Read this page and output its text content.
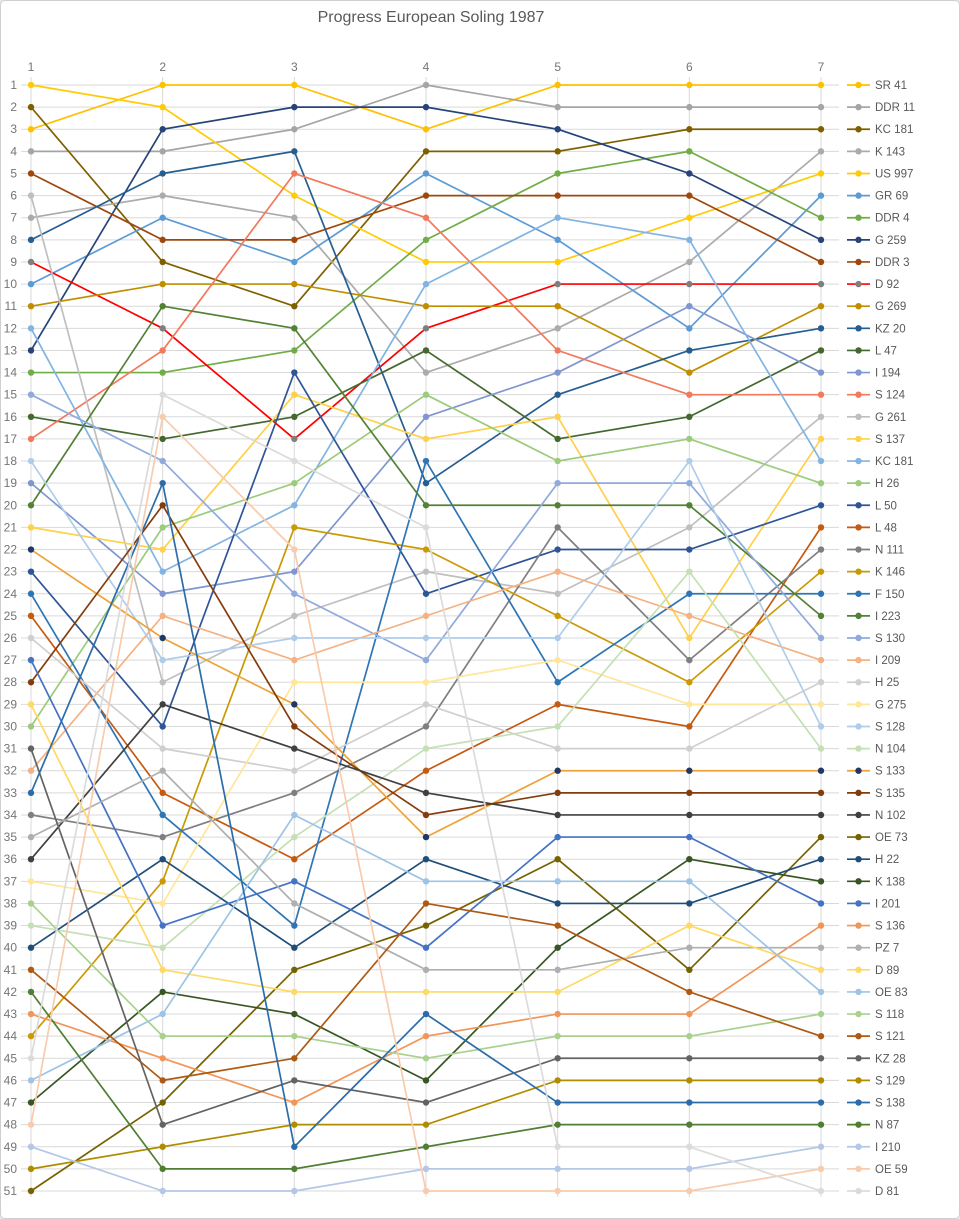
Progress European Soling 1987
1	2	3	4	5	6	7
1
2
3
4
5
6
7
8
9
10
11
12
13
14
15
16
17
18
19
20
21
22
23
24
25
26
27
28
29
30
31
32
33
34
35
36
37
38
39
40
41
42
43
44
45
46
47
48
49
50
51
SR 41
DDR 11
KC 181
K 143
US 997
GR 69
DDR 4
G 259
DDR 3
D 92
G 269
KZ 20
L 47
I 194
S 124
G 261
S 137
KC 181
H 26
L 50
L 48
N 111
K 146
F 150
I 223
S 130
I 209
H 25
G 275
S 128
N 104
S 133
S 135
N 102
OE 73
H 22
K 138
I 201
S 136
PZ 7
D 89
OE 83
S 118
S 121
KZ 28
S 129
S 138
N 87
I 210
OE 59
D 81
